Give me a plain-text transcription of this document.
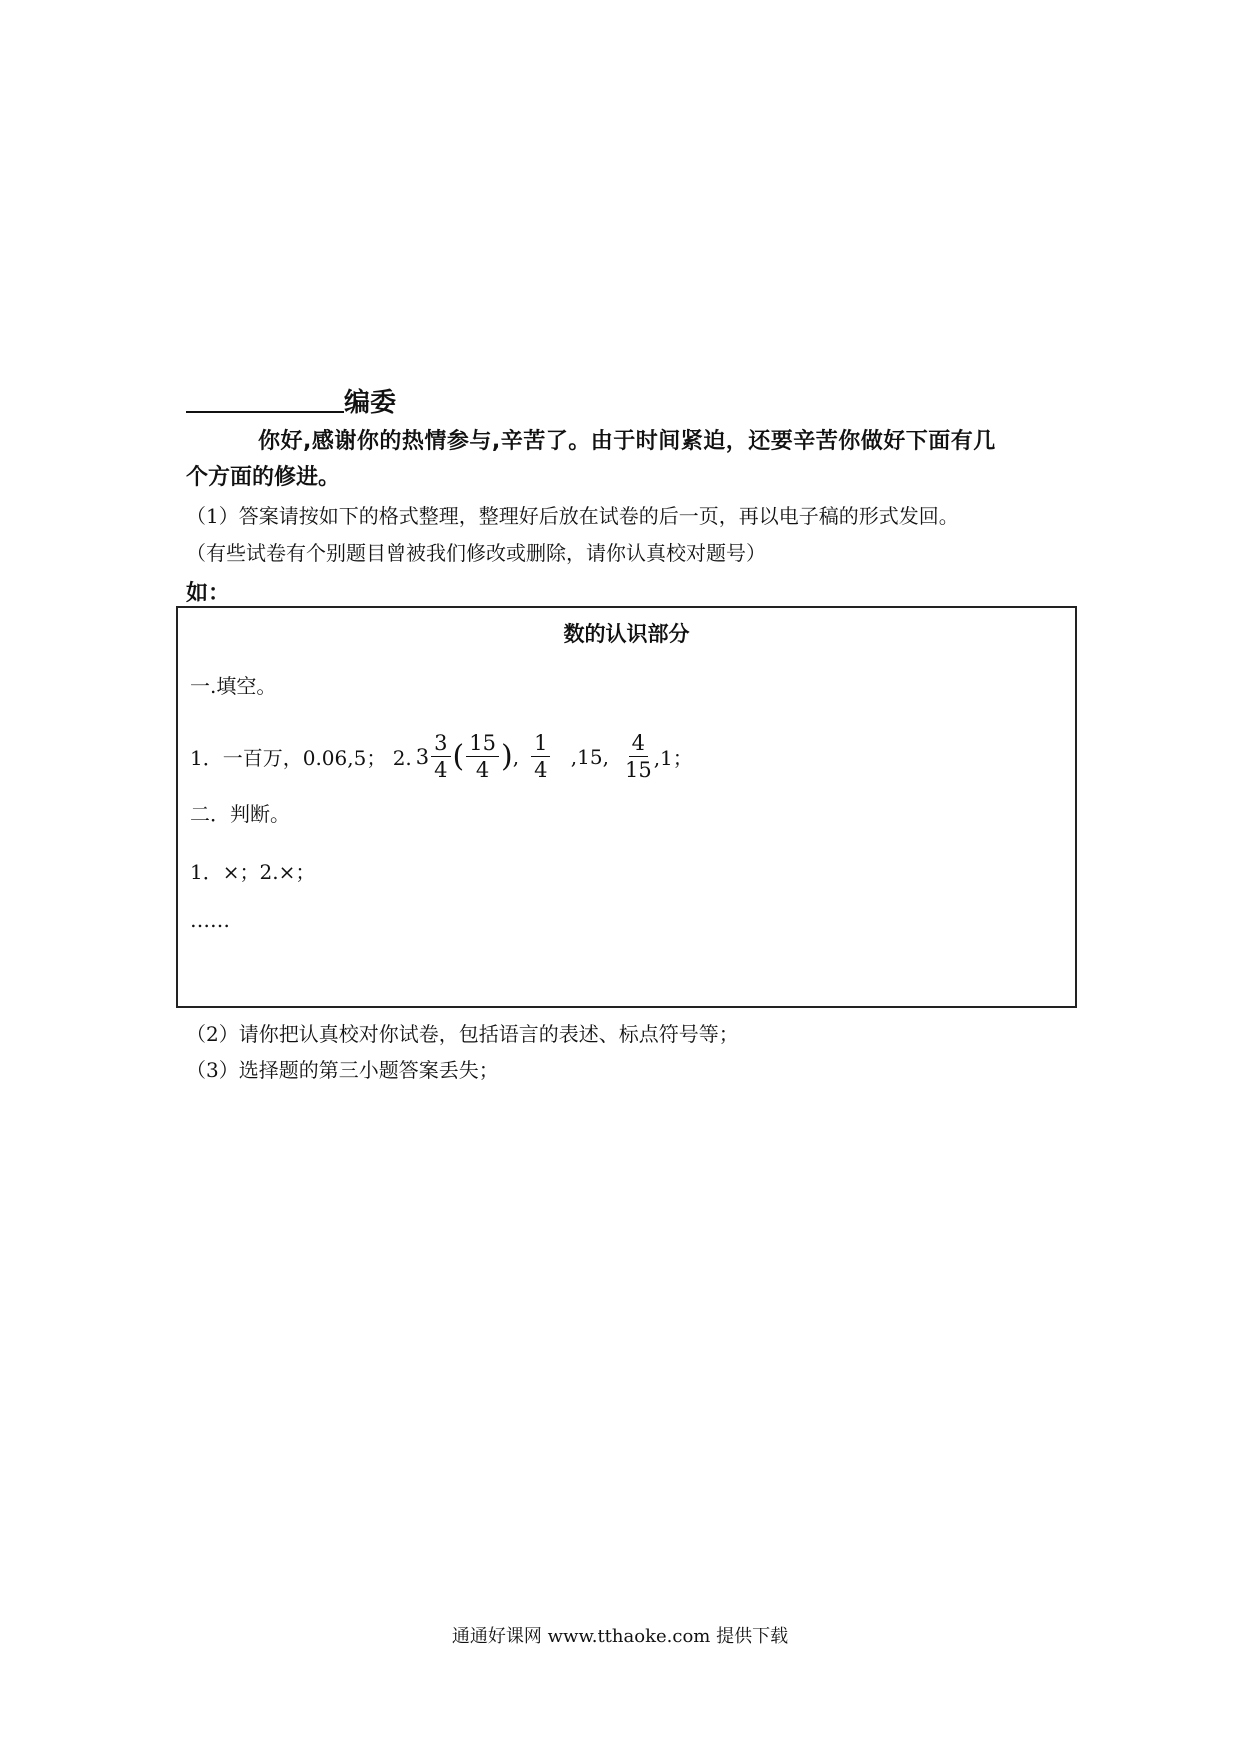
编委
你好,感谢你的热情参与,辛苦了。由于时间紧迫，还要辛苦你做好下面有几
个方面的修进。
（1）答案请按如下的格式整理，整理好后放在试卷的后一页，再以电子稿的形式发回。
（有些试卷有个别题目曾被我们修改或删除，请你认真校对题号）
如：
数的认识部分
一.填空。
1．一百万，0.06,5； 2. $3 \frac{3}{4}$ ( $\frac{15}{4}$ ) , $\frac{1}{4} ,15$, $\frac{4}{15} ,1$；
二．判断。
1．×；2.×；
……
（2）请你把认真校对你试卷，包括语言的表述、标点符号等；
（3）选择题的第三小题答案丢失；
通通好课网 www.tthaoke.com 提供下载
